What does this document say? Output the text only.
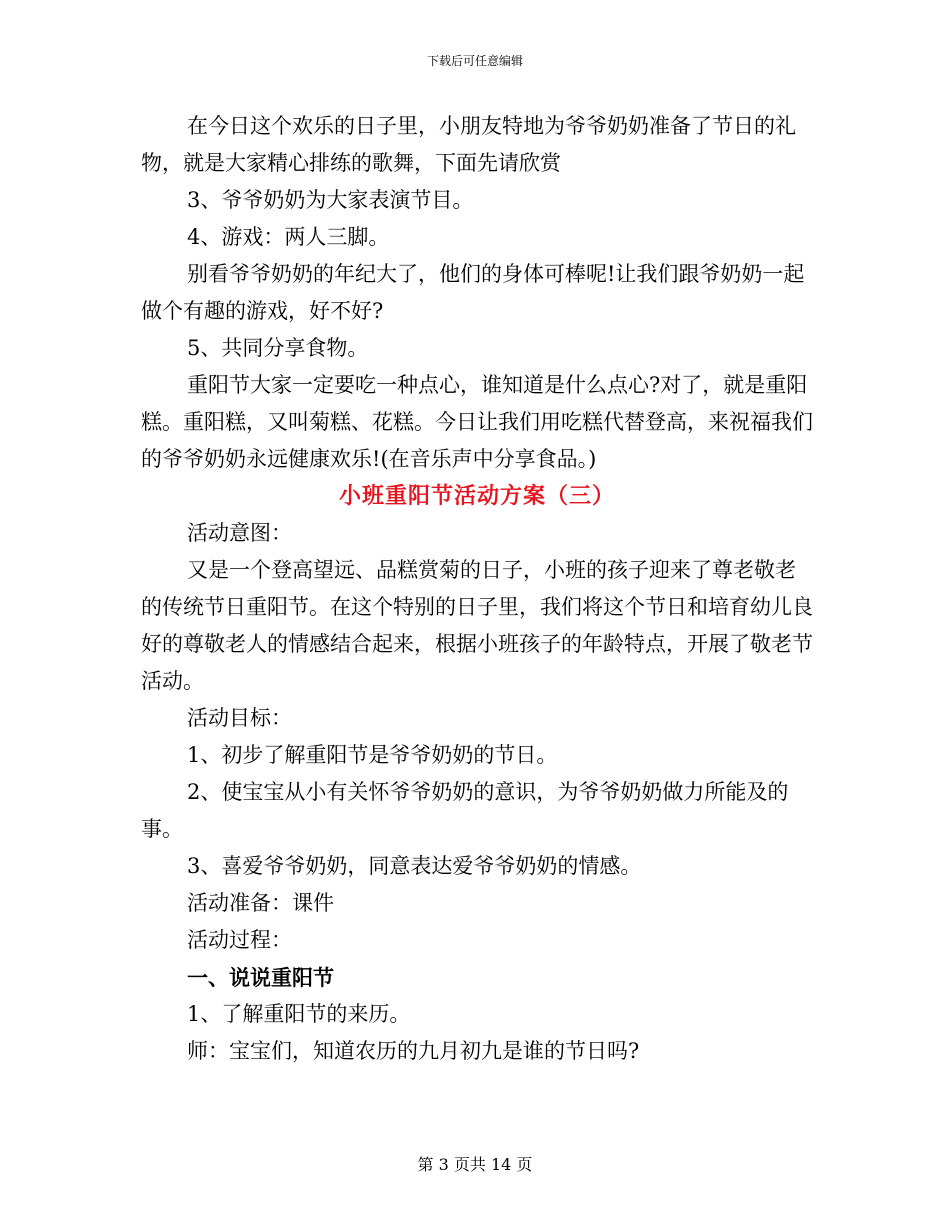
下载后可任意编辑

在今日这个欢乐的日子里，小朋友特地为爷爷奶奶准备了节日的礼物，就是大家精心排练的歌舞，下面先请欣赏

3、爷爷奶奶为大家表演节目。

4、游戏：两人三脚。

别看爷爷奶奶的年纪大了，他们的身体可棒呢!让我们跟爷奶奶一起做个有趣的游戏，好不好?

5、共同分享食物。

重阳节大家一定要吃一种点心，谁知道是什么点心?对了，就是重阳糕。重阳糕，又叫菊糕、花糕。今日让我们用吃糕代替登高，来祝福我们的爷爷奶奶永远健康欢乐!(在音乐声中分享食品。)

小班重阳节活动方案（三）

活动意图：

又是一个登高望远、品糕赏菊的日子，小班的孩子迎来了尊老敬老的传统节日重阳节。在这个特别的日子里，我们将这个节日和培育幼儿良好的尊敬老人的情感结合起来，根据小班孩子的年龄特点，开展了敬老节活动。

活动目标：

1、初步了解重阳节是爷爷奶奶的节日。

2、使宝宝从小有关怀爷爷奶奶的意识，为爷爷奶奶做力所能及的事。

3、喜爱爷爷奶奶，同意表达爱爷爷奶奶的情感。

活动准备：课件

活动过程：

一、说说重阳节

1、了解重阳节的来历。

师：宝宝们，知道农历的九月初九是谁的节日吗?

第 3 页共 14 页
